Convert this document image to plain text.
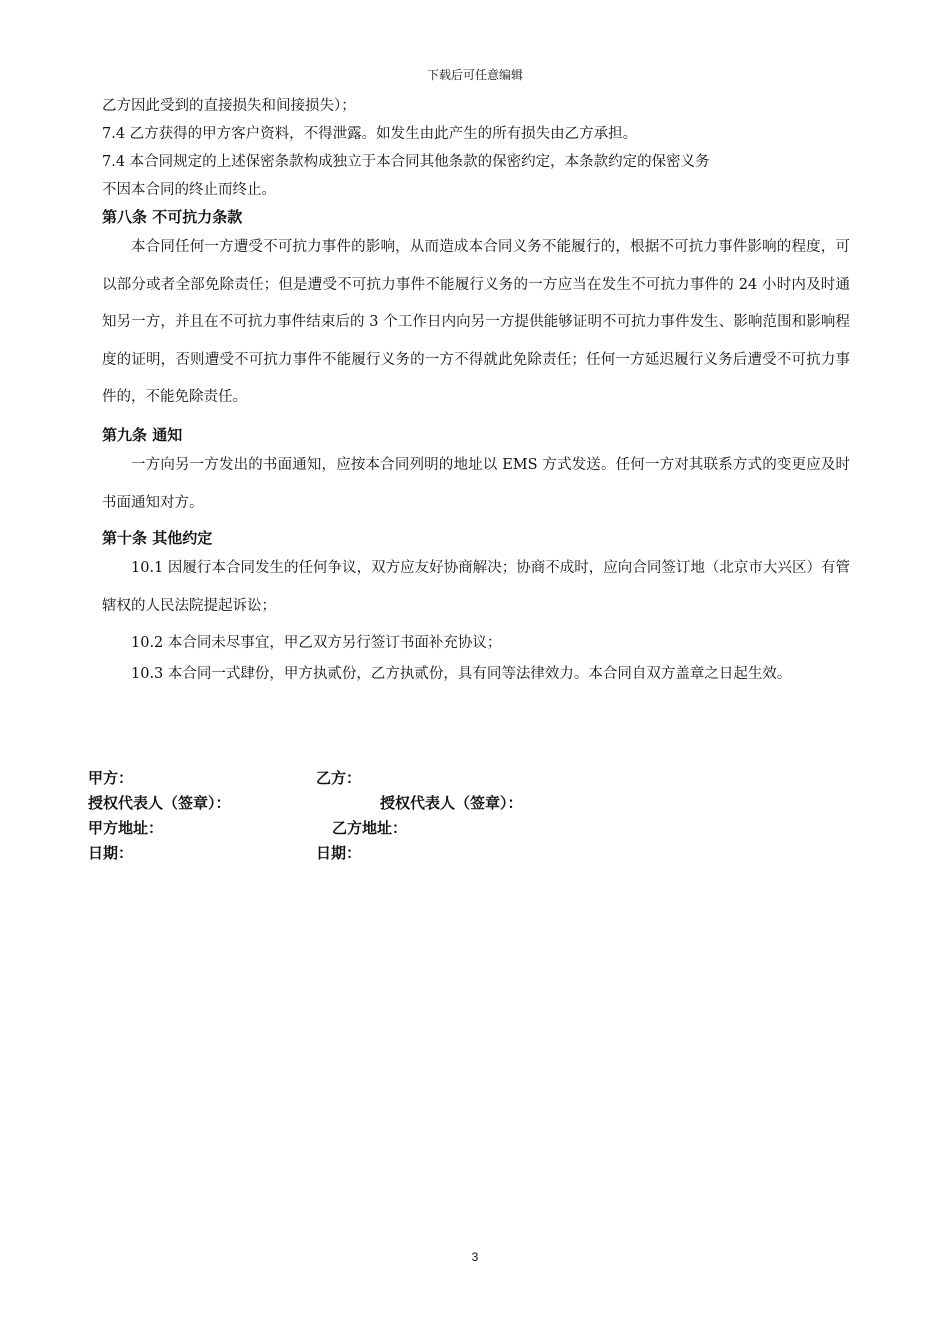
下载后可任意编辑
乙方因此受到的直接损失和间接损失）；
7.4 乙方获得的甲方客户资料，不得泄露。如发生由此产生的所有损失由乙方承担。
7.4 本合同规定的上述保密条款构成独立于本合同其他条款的保密约定，本条款约定的保密义务
不因本合同的终止而终止。
第八条 不可抗力条款
本合同任何一方遭受不可抗力事件的影响，从而造成本合同义务不能履行的，根据不可抗力事件影响的程度，可以部分或者全部免除责任；但是遭受不可抗力事件不能履行义务的一方应当在发生不可抗力事件的 24 小时内及时通知另一方，并且在不可抗力事件结束后的 3 个工作日内向另一方提供能够证明不可抗力事件发生、影响范围和影响程度的证明，否则遭受不可抗力事件不能履行义务的一方不得就此免除责任；任何一方延迟履行义务后遭受不可抗力事件的，不能免除责任。
第九条 通知
一方向另一方发出的书面通知，应按本合同列明的地址以 EMS 方式发送。任何一方对其联系方式的变更应及时书面通知对方。
第十条 其他约定
10.1 因履行本合同发生的任何争议，双方应友好协商解决；协商不成时，应向合同签订地（北京市大兴区）有管辖权的人民法院提起诉讼；
10.2 本合同未尽事宜，甲乙双方另行签订书面补充协议；
10.3 本合同一式肆份，甲方执贰份，乙方执贰份，具有同等法律效力。本合同自双方盖章之日起生效。
甲方：	乙方：
授权代表人（签章）：	授权代表人（签章）：
甲方地址：	乙方地址：
日期：	日期：
3
